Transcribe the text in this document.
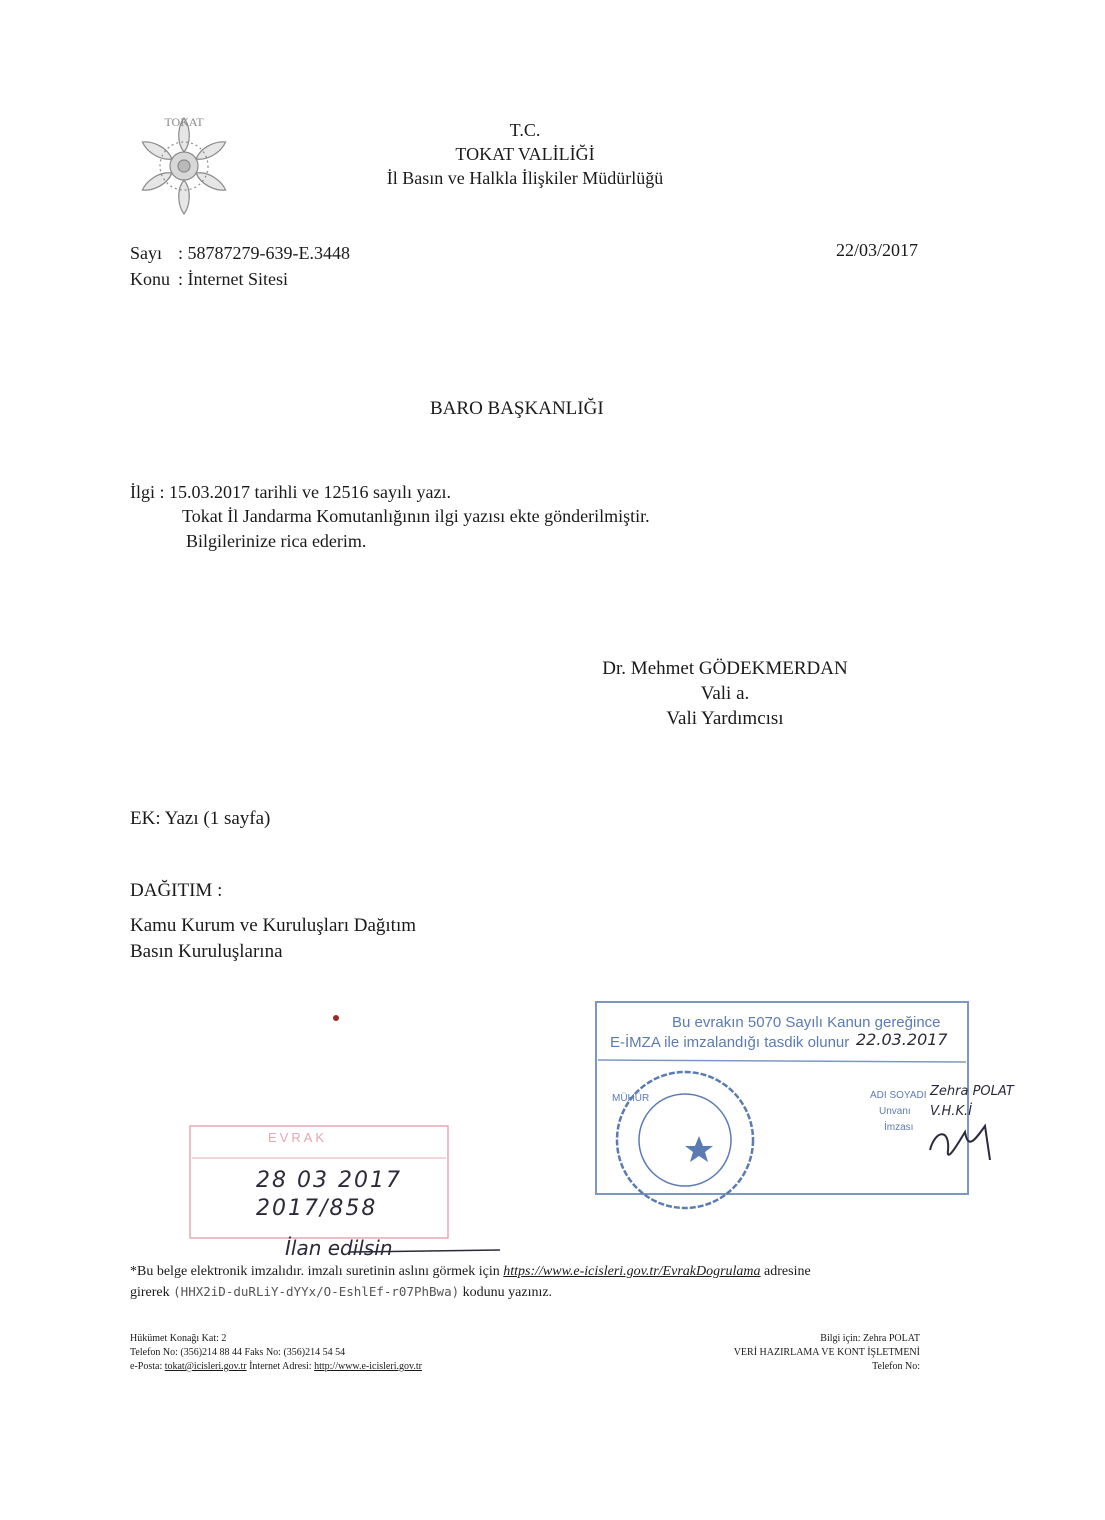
TOKAT	T.C.
TOKAT VALİLİĞİ
İl Basın ve Halkla İlişkiler Müdürlüğü
Sayı : 58787279-639-E.3448
Konu : İnternet Sitesi
22/03/2017
BARO BAŞKANLIĞI
İlgi : 15.03.2017 tarihli ve 12516 sayılı yazı.
Tokat İl Jandarma Komutanlığının ilgi yazısı ekte gönderilmiştir.
Bilgilerinize rica ederim.
Dr. Mehmet GÖDEKMERDAN
Vali a.
Vali Yardımcısı
EK: Yazı (1 sayfa)
DAĞITIM :
Kamu Kurum ve Kuruluşları Dağıtım
Basın Kuruluşlarına
Bu evrakın 5070 Sayılı Kanun gereğince
E-İMZA ile imzalandığı tasdik olunur
MÜHÜR	ADI SOYADI
Unvanı
İmzası
22.03.2017
Zehra POLAT
V.H.K.İ
EVRAK
28 03 2017
2017/858
İlan edilsin
*Bu belge elektronik imzalıdır. imzalı suretinin aslını görmek için https://www.e-icisleri.gov.tr/EvrakDogrulama adresine
girerek (HHX2iD-duRLiY-dYYx/O-EshlEf-r07PhBwa) kodunu yazınız.
Hükümet Konağı Kat: 2
Telefon No: (356)214 88 44 Faks No: (356)214 54 54
e-Posta: tokat@icisleri.gov.tr İnternet Adresi: http://www.e-icisleri.gov.tr
Bilgi için: Zehra POLAT
VERİ HAZIRLAMA VE KONT İŞLETMENİ
Telefon No:
